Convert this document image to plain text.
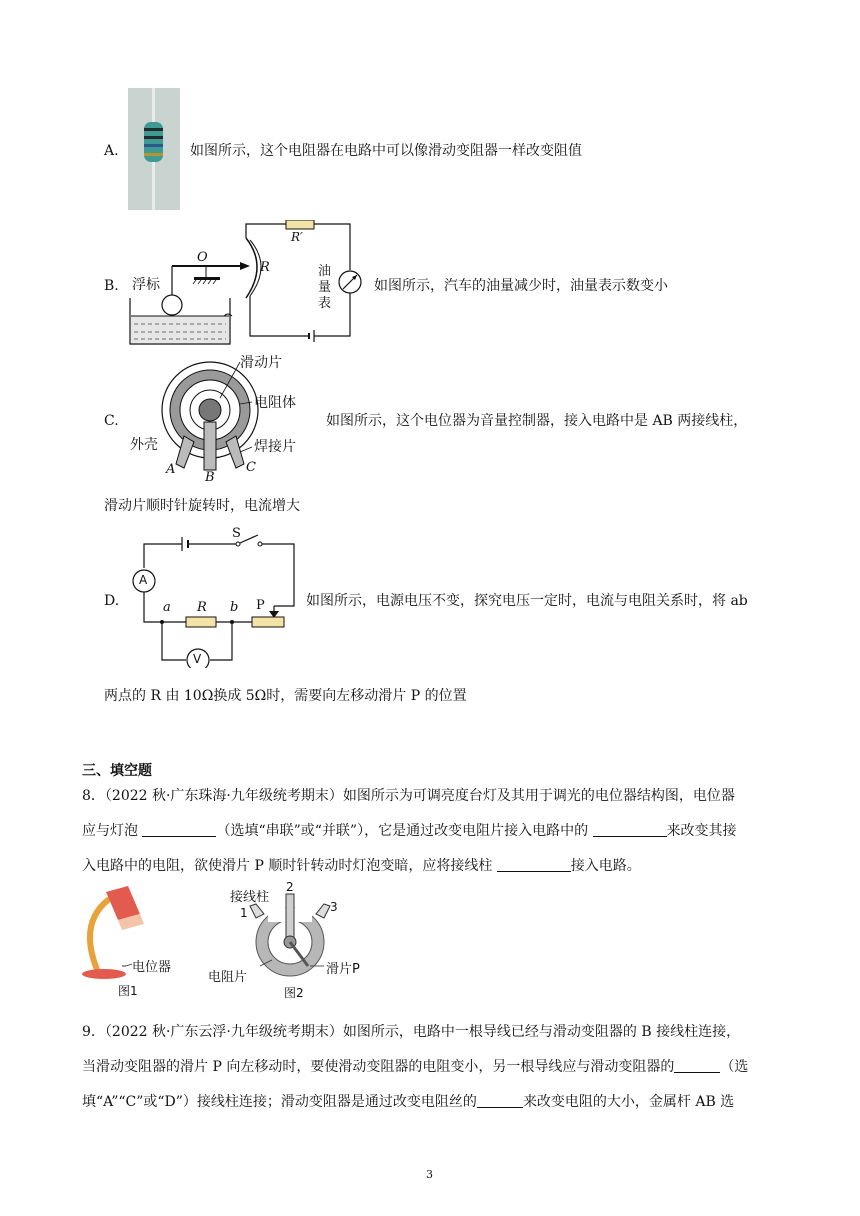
A.	如图所示，这个电阻器在电路中可以像滑动变阻器一样改变阻值
B. 浮标
O
R
R′
油
量
表
如图所示，汽车的油量减少时，油量表示数变小
C.
滑动片
电阻体
外壳	焊接片
A
B
C
如图所示，这个电位器为音量控制器，接入电路中是 AB 两接线柱，
滑动片顺时针旋转时，电流增大
D.
S
A
V
a R b P	如图所示，电源电压不变，探究电压一定时，电流与电阻关系时，将 ab
两点的 R 由 10Ω换成 5Ω时，需要向左移动滑片 P 的位置
三、填空题
8．（2022 秋·广东珠海·九年级统考期末）如图所示为可调亮度台灯及其用于调光的电位器结构图，电位器
应与灯泡	（选填“串联”或“并联”），它是通过改变电阻片接入电路中的	来改变其接
入电路中的电阻，欲使滑片 P 顺时针转动时灯泡变暗，应将接线柱	接入电路。
电位器
图1
接线柱
1
2
3
电阻片
滑片P
图2
9．（2022 秋·广东云浮·九年级统考期末）如图所示，电路中一根导线已经与滑动变阻器的 B 接线柱连接，
当滑动变阻器的滑片 P 向左移动时，要使滑动变阻器的电阻变小，另一根导线应与滑动变阻器的	（选
填“A”“C”或“D”）接线柱连接；滑动变阻器是通过改变电阻丝的	来改变电阻的大小，金属杆 AB 选
3
